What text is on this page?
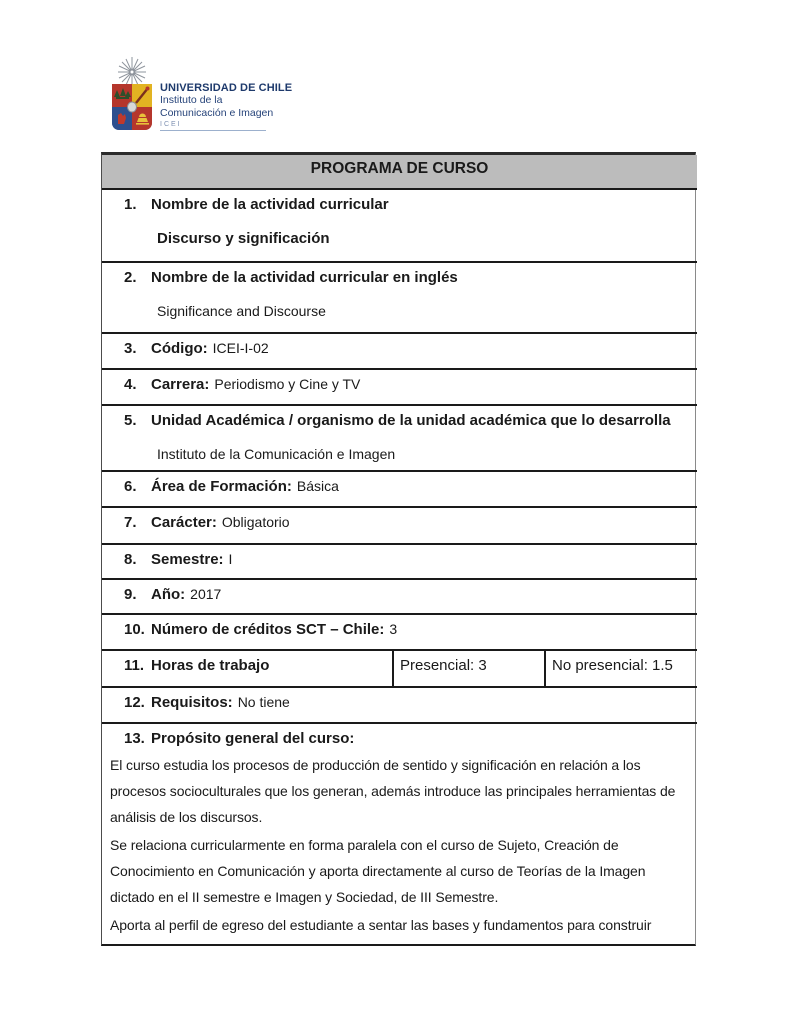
UNIVERSIDAD DE CHILE
Instituto de la
Comunicación e Imagen
ICEI
PROGRAMA DE CURSO

1. Nombre de la actividad curricular
Discurso y significación

2. Nombre de la actividad curricular en inglés
Significance and Discourse

3. Código: ICEI-I-02

4. Carrera: Periodismo y Cine y TV

5. Unidad Académica / organismo de la unidad académica que lo desarrolla
Instituto de la Comunicación e Imagen

6. Área de Formación: Básica

7. Carácter: Obligatorio

8. Semestre: I

9. Año: 2017

10. Número de créditos SCT – Chile: 3

11. Horas de trabajo	Presencial: 3	No presencial: 1.5

12. Requisitos: No tiene

13. Propósito general del curso:
El curso estudia los procesos de producción de sentido y significación en relación a los procesos socioculturales que los generan, además introduce las principales herramientas de análisis de los discursos.
Se relaciona curricularmente en forma paralela con el curso de Sujeto, Creación de Conocimiento en Comunicación y aporta directamente al curso de Teorías de la Imagen dictado en el II semestre e Imagen y Sociedad, de III Semestre.
Aporta al perfil de egreso del estudiante a sentar las bases y fundamentos para construir
